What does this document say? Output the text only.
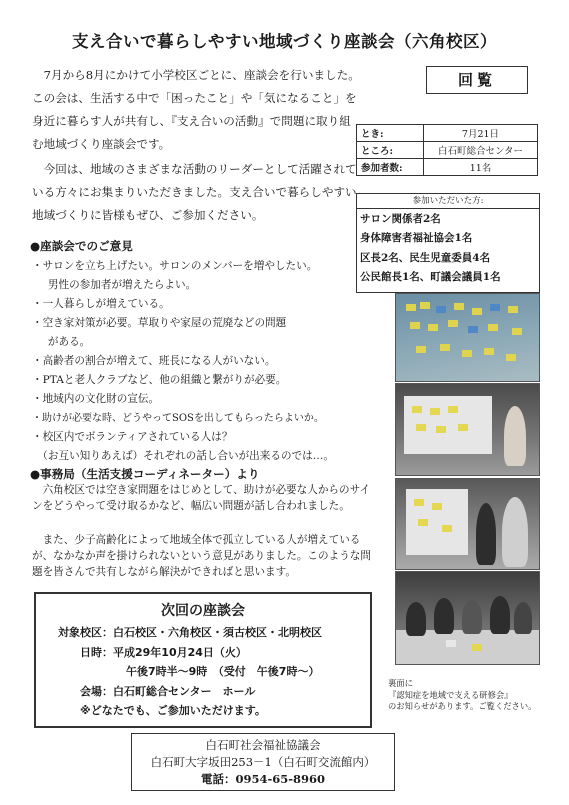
支え合いで暮らしやすい地域づくり座談会（六角校区）
7月から8月にかけて小学校区ごとに、座談会を行いました。この会は、生活する中で「困ったこと」や「気になること」を身近に暮らす人が共有し、『支え合いの活動』で問題に取り組む地域づくり座談会です。
今回は、地域のさまざまな活動のリーダーとして活躍されている方々にお集まりいただきました。支え合いで暮らしやすい地域づくりに皆様もぜひ、ご参加ください。
回覧
とき:	7月21日
ところ:	白石町総合センター
参加者数:	11名
参加いただいた方:
サロン関係者2名
身体障害者福祉協会1名
区長2名、民生児童委員4名
公民館長1名、町議会議員1名
●座談会でのご意見
・サロンを立ち上げたい。サロンのメンバーを増やしたい。
男性の参加者が増えたらよい。
・一人暮らしが増えている。
・空き家対策が必要。草取りや家屋の荒廃などの問題
がある。
・高齢者の割合が増えて、班長になる人がいない。
・PTAと老人クラブなど、他の組織と繋がりが必要。
・地域内の文化財の宣伝。
・助けが必要な時、どうやってSOSを出してもらったらよいか。
・校区内でボランティアされている人は？
（お互い知りあえば）それぞれの話し合いが出来るのでは…。
●事務局（生活支援コーディネーター）より
六角校区では空き家問題をはじめとして、助けが必要な人からのサインをどうやって受け取るかなど、幅広い問題が話し合われました。
また、少子高齢化によって地域全体で孤立している人が増えているが、なかなか声を掛けられないという意見がありました。このような問題を皆さんで共有しながら解決ができればと思います。
次回の座談会
対象校区：白石校区・六角校区・須古校区・北明校区
日時：平成29年10月24日（火）
午後7時半～9時　（受付　午後7時～）
会場：白石町総合センター　ホール
※どなたでも、ご参加いただけます。
裏面に
『認知症を地域で支える研修会』
のお知らせがあります。ご覧ください。
白石町社会福祉協議会
白石町大字坂田253－1（白石町交流館内）
電話：0954-65-8960
